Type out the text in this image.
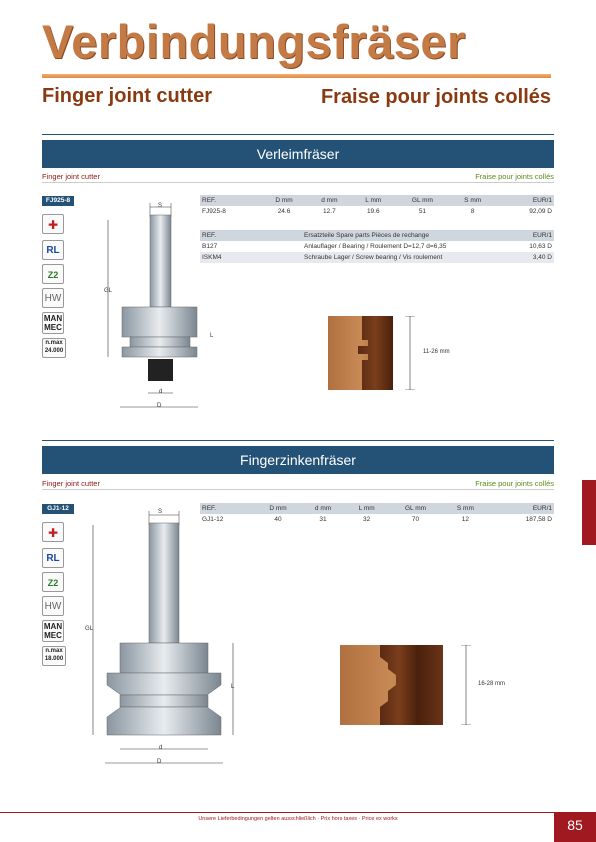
Verbindungsfräser
Finger joint cutter	Fraise pour joints collés
Verleimfräser
Finger joint cutter	Fraise pour joints collés
FJ925-8
✚
RL
Z2
HW
MAN
MEC
n.max
24.000
S
GL
L
d
D
REF.	D mm	d mm	L mm	GL mm	S mm	EUR/1
FJ925-8	24.6	12.7	19.6	51	8	92,09 D
REF.	Ersatzteile Spare parts Pièces de rechange	EUR/1
B127	Anlauflager / Bearing / Roulement D=12,7 d=6,35	10,63 D
ISKM4	Schraube Lager / Screw bearing / Vis roulement	3,40 D
11-26 mm
Fingerzinkenfräser
Finger joint cutter	Fraise pour joints collés
GJ1-12
✚
RL
Z2
HW
MAN
MEC
n.max
18.000
S
GL
L
d
D
REF.	D mm	d mm	L mm	GL mm	S mm	EUR/1
GJ1-12	40	31	32	70	12	187,58 D
16-28 mm
Unsere Lieferbedingungen gelten ausschließlich · Prix hors taxes · Price ex works	85
